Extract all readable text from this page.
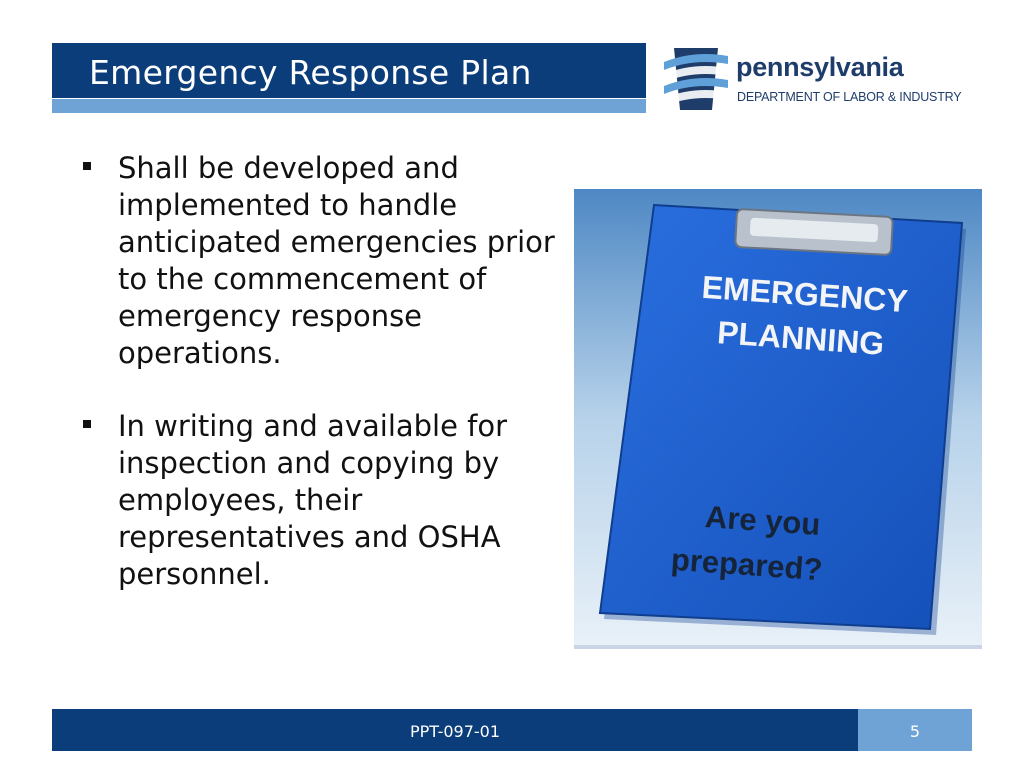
Emergency Response Plan	pennsylvania
DEPARTMENT OF LABOR & INDUSTRY
Shall be developed and implemented to handle anticipated emergencies prior to the commencement of emergency response operations.
In writing and available for inspection and copying by employees, their representatives and OSHA personnel.
EMERGENCY
PLANNING
Are you
prepared?
PPT-097-01	5
